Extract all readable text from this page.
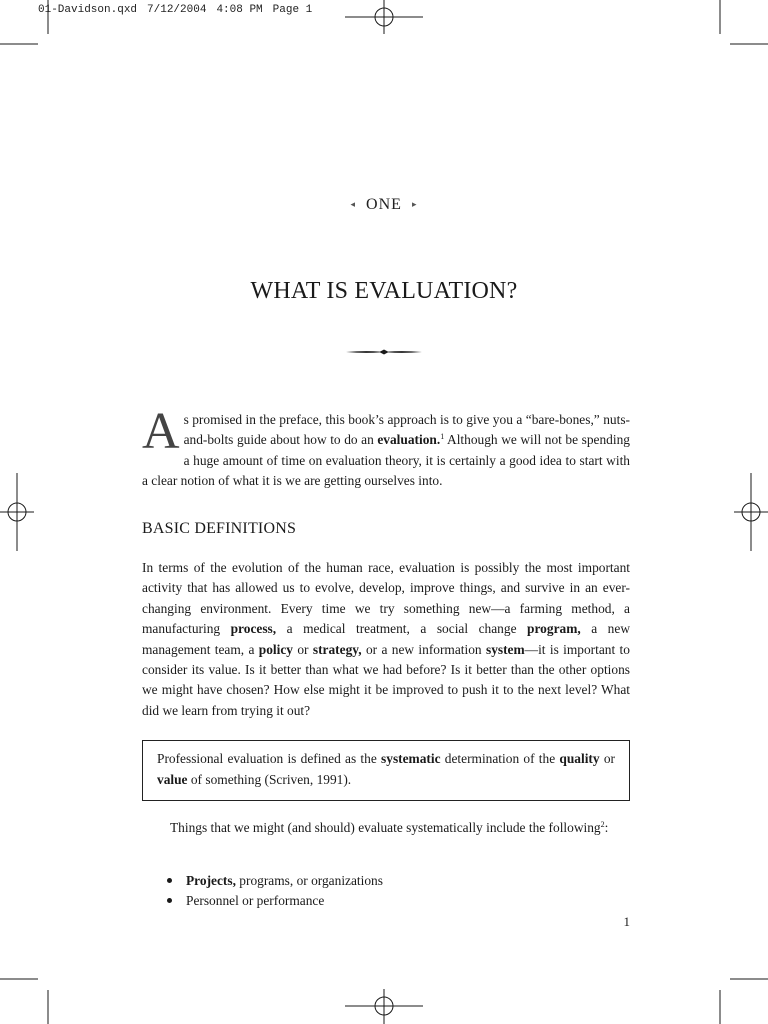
01-Davidson.qxd 7/12/2004 4:08 PM Page 1
◂ ONE ▸
WHAT IS EVALUATION?
As promised in the preface, this book’s approach is to give you a “bare-bones,” nuts-and-bolts guide about how to do an evaluation.$^1$ Although we will not be spending a huge amount of time on evaluation theory, it is certainly a good idea to start with a clear notion of what it is we are getting ourselves into.
BASIC DEFINITIONS
In terms of the evolution of the human race, evaluation is possibly the most important activity that has allowed us to evolve, develop, improve things, and survive in an ever-changing environment. Every time we try something new—a farming method, a manufacturing process, a medical treatment, a social change program, a new management team, a policy or strategy, or a new information system—it is important to consider its value. Is it better than what we had before? Is it better than the other options we might have chosen? How else might it be improved to push it to the next level? What did we learn from trying it out?
Professional evaluation is defined as the systematic determination of the quality or value of something (Scriven, 1991).
Things that we might (and should) evaluate systematically include the following$^2$:
Projects, programs, or organizations
Personnel or performance
1
